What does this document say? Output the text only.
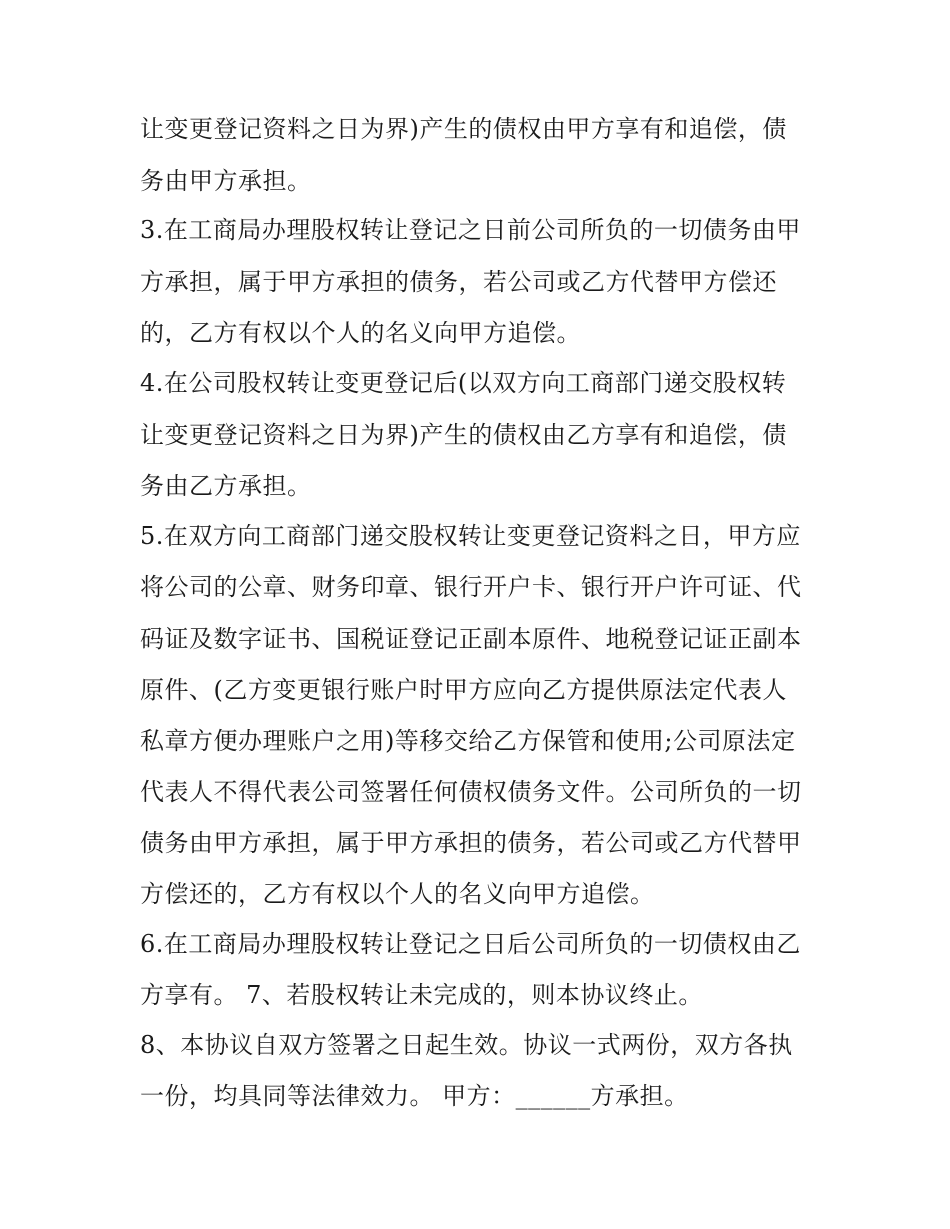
让变更登记资料之日为界)产生的债权由甲方享有和追偿，债
务由甲方承担。
3.在工商局办理股权转让登记之日前公司所负的一切债务由甲
方承担，属于甲方承担的债务，若公司或乙方代替甲方偿还
的，乙方有权以个人的名义向甲方追偿。
4.在公司股权转让变更登记后(以双方向工商部门递交股权转
让变更登记资料之日为界)产生的债权由乙方享有和追偿，债
务由乙方承担。
5.在双方向工商部门递交股权转让变更登记资料之日，甲方应
将公司的公章、财务印章、银行开户卡、银行开户许可证、代
码证及数字证书、国税证登记正副本原件、地税登记证正副本
原件、(乙方变更银行账户时甲方应向乙方提供原法定代表人
私章方便办理账户之用)等移交给乙方保管和使用;公司原法定
代表人不得代表公司签署任何债权债务文件。公司所负的一切
债务由甲方承担，属于甲方承担的债务，若公司或乙方代替甲
方偿还的，乙方有权以个人的名义向甲方追偿。
6.在工商局办理股权转让登记之日后公司所负的一切债权由乙
方享有。 7、若股权转让未完成的，则本协议终止。
8、本协议自双方签署之日起生效。协议一式两份，双方各执
一份，均具同等法律效力。 甲方：______方承担。
